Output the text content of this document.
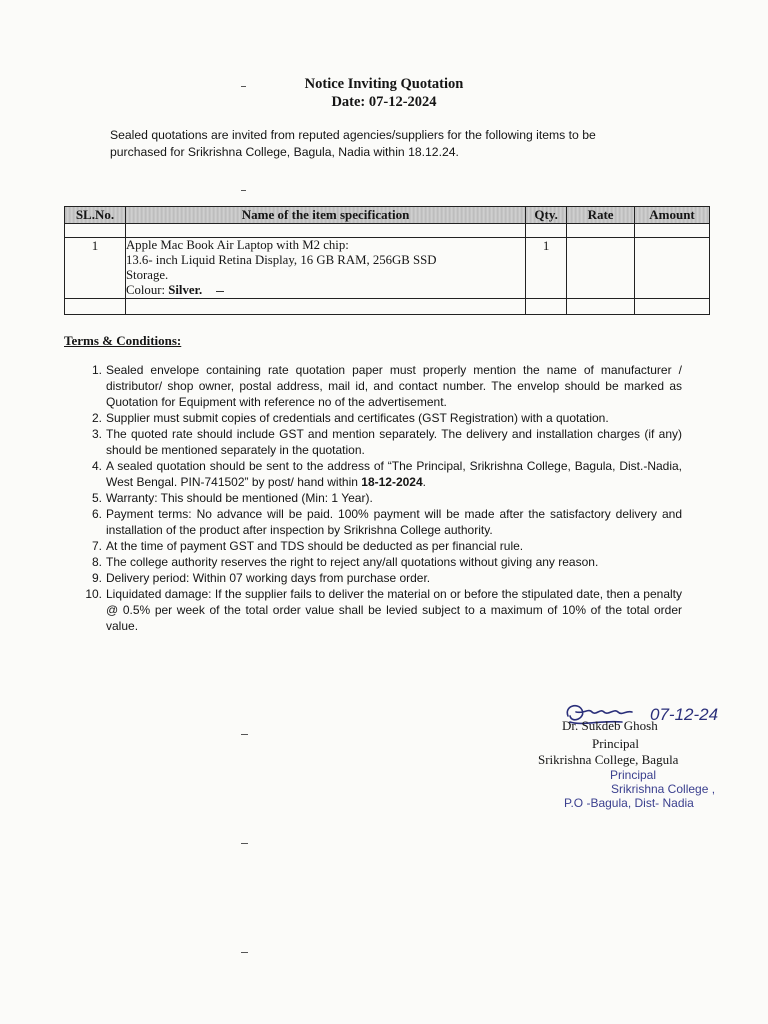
Notice Inviting Quotation
Date: 07-12-2024
Sealed quotations are invited from reputed agencies/suppliers for the following items to be
purchased for Srikrishna College, Bagula, Nadia within 18.12.24.
SL.No.	Name of the item specification	Qty.	Rate	Amount

1	Apple Mac Book Air Laptop with M2 chip:
13.6- inch Liquid Retina Display, 16 GB RAM, 256GB SSD
Storage.
Colour: Silver.	1		

Terms & Conditions:
1. Sealed envelope containing rate quotation paper must properly mention the name of manufacturer / distributor/ shop owner, postal address, mail id, and contact number. The envelop should be marked as Quotation for Equipment with reference no of the advertisement.
2. Supplier must submit copies of credentials and certificates (GST Registration) with a quotation.
3. The quoted rate should include GST and mention separately. The delivery and installation charges (if any) should be mentioned separately in the quotation.
4. A sealed quotation should be sent to the address of “The Principal, Srikrishna College, Bagula, Dist.-Nadia, West Bengal. PIN-741502” by post/ hand within 18-12-2024.
5. Warranty: This should be mentioned (Min: 1 Year).
6. Payment terms: No advance will be paid. 100% payment will be made after the satisfactory delivery and installation of the product after inspection by Srikrishna College authority.
7. At the time of payment GST and TDS should be deducted as per financial rule.
8. The college authority reserves the right to reject any/all quotations without giving any reason.
9. Delivery period: Within 07 working days from purchase order.
10. Liquidated damage: If the supplier fails to deliver the material on or before the stipulated date, then a penalty @ 0.5% per week of the total order value shall be levied subject to a maximum of 10% of the total order value.
07-12-24
Dr. Sukdeb Ghosh
Principal
Srikrishna College, Bagula
Principal
Srikrishna College ,
P.O -Bagula, Dist- Nadia
